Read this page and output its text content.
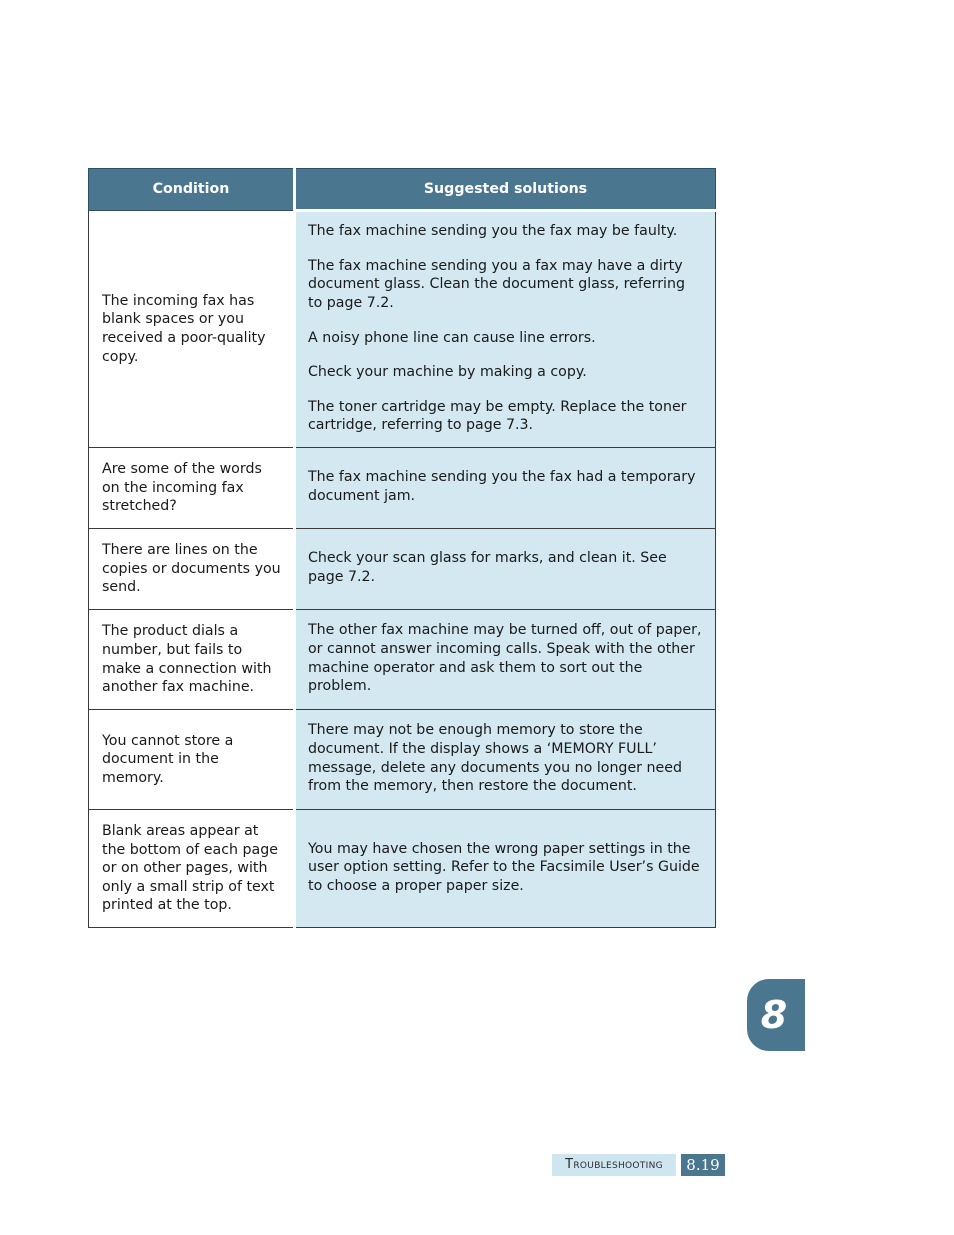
Condition	Suggested solutions
The incoming fax has blank spaces or you received a poor-quality copy.	The fax machine sending you the fax may be faulty.

The fax machine sending you a fax may have a dirty document glass. Clean the document glass, referring to page 7.2.

A noisy phone line can cause line errors.

Check your machine by making a copy.

The toner cartridge may be empty. Replace the toner cartridge, referring to page 7.3.

Are some of the words on the incoming fax stretched?	The fax machine sending you the fax had a temporary document jam.

There are lines on the copies or documents you send.	Check your scan glass for marks, and clean it. See page 7.2.

The product dials a number, but fails to make a connection with another fax machine.	The other fax machine may be turned off, out of paper, or cannot answer incoming calls. Speak with the other machine operator and ask them to sort out the problem.

You cannot store a document in the memory.	There may not be enough memory to store the document. If the display shows a ‘MEMORY FULL’ message, delete any documents you no longer need from the memory, then restore the document.

Blank areas appear at the bottom of each page or on other pages, with only a small strip of text printed at the top.	You may have chosen the wrong paper settings in the user option setting. Refer to the Facsimile User’s Guide to choose a proper paper size.

8
Troubleshooting	8.19
